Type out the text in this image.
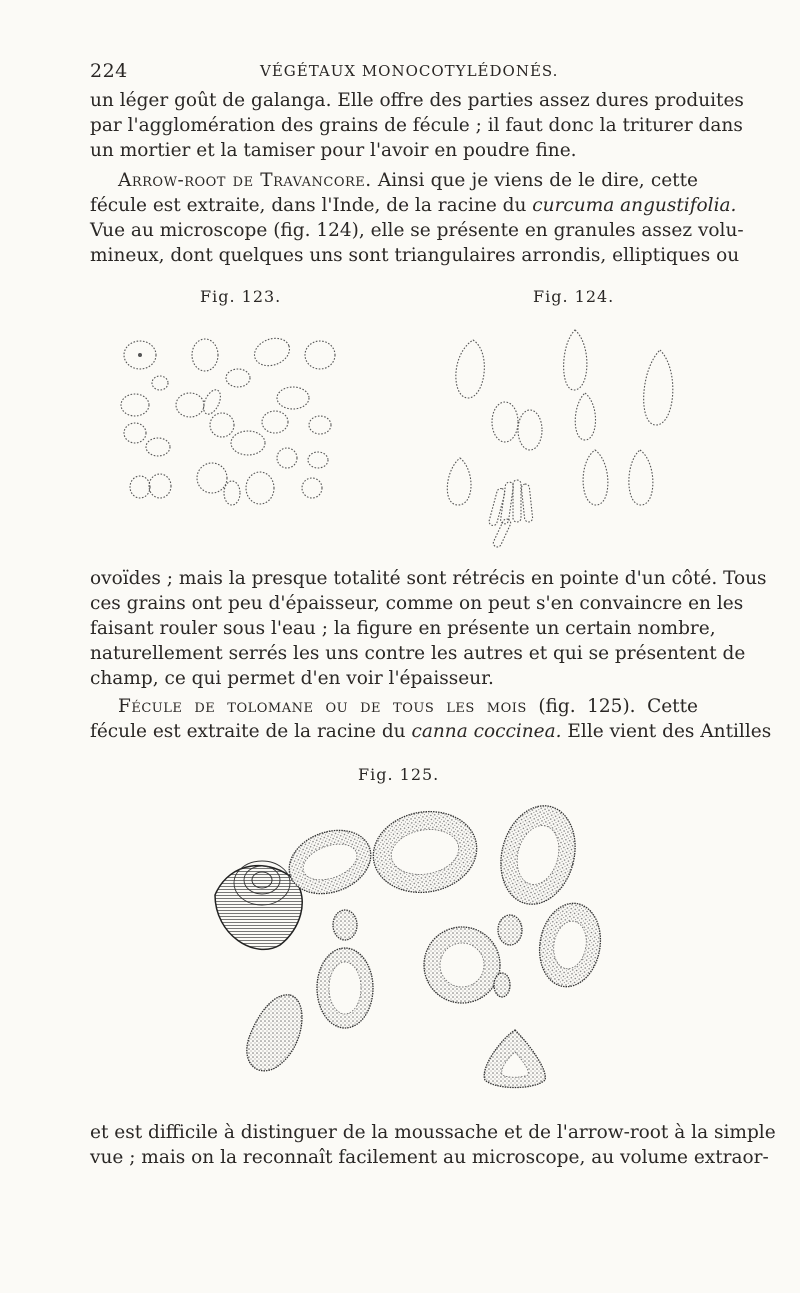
224	VÉGÉTAUX MONOCOTYLÉDONÉS.
un léger goût de galanga. Elle offre des parties assez dures produites
par l'agglomération des grains de fécule ; il faut donc la triturer dans
un mortier et la tamiser pour l'avoir en poudre fine.
Arrow-root de Travancore. Ainsi que je viens de le dire, cette
fécule est extraite, dans l'Inde, de la racine du curcuma angustifolia.
Vue au microscope (fig. 124), elle se présente en granules assez volu-
mineux, dont quelques uns sont triangulaires arrondis, elliptiques ou
Fig. 123.	Fig. 124.
ovoïdes ; mais la presque totalité sont rétrécis en pointe d'un côté. Tous
ces grains ont peu d'épaisseur, comme on peut s'en convaincre en les
faisant rouler sous l'eau ; la figure en présente un certain nombre,
naturellement serrés les uns contre les autres et qui se présentent de
champ, ce qui permet d'en voir l'épaisseur.
Fécule de tolomane ou de tous les mois (fig. 125). Cette
fécule est extraite de la racine du canna coccinea. Elle vient des Antilles
Fig. 125.
et est difficile à distinguer de la moussache et de l'arrow-root à la simple
vue ; mais on la reconnaît facilement au microscope, au volume extraor-
